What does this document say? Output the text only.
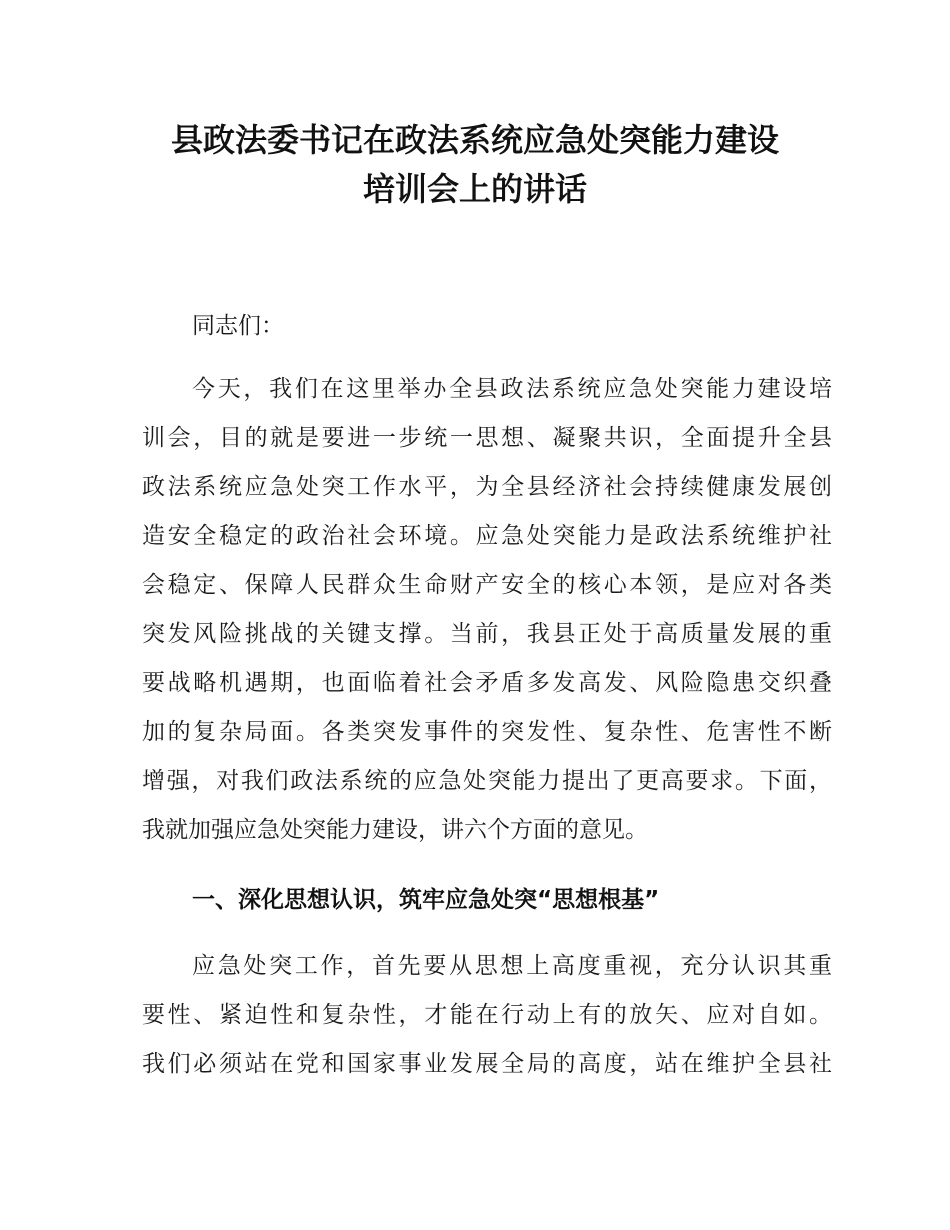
县政法委书记在政法系统应急处突能力建设
培训会上的讲话

同志们：

今天，我们在这里举办全县政法系统应急处突能力建设培

训会，目的就是要进一步统一思想、凝聚共识，全面提升全县

政法系统应急处突工作水平，为全县经济社会持续健康发展创

造安全稳定的政治社会环境。应急处突能力是政法系统维护社

会稳定、保障人民群众生命财产安全的核心本领，是应对各类

突发风险挑战的关键支撑。当前，我县正处于高质量发展的重

要战略机遇期，也面临着社会矛盾多发高发、风险隐患交织叠

加的复杂局面。各类突发事件的突发性、复杂性、危害性不断

增强，对我们政法系统的应急处突能力提出了更高要求。下面，

我就加强应急处突能力建设，讲六个方面的意见。

一、深化思想认识，筑牢应急处突“思想根基”

应急处突工作，首先要从思想上高度重视，充分认识其重

要性、紧迫性和复杂性，才能在行动上有的放矢、应对自如。

我们必须站在党和国家事业发展全局的高度，站在维护全县社
